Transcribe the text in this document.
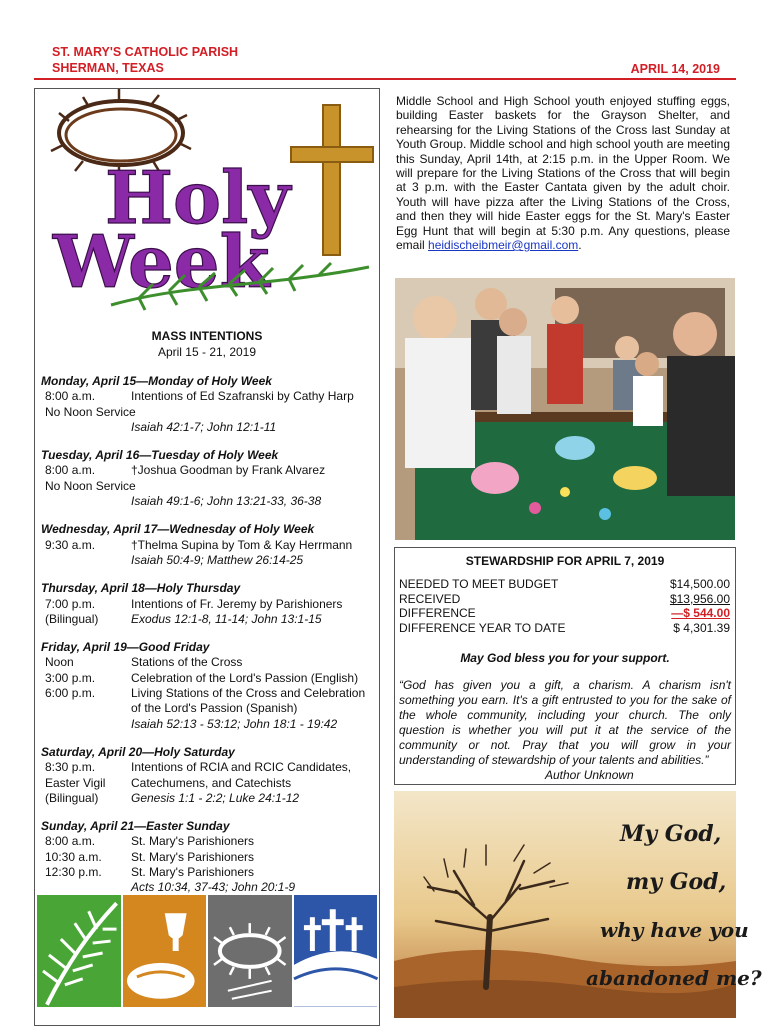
ST. MARY'S CATHOLIC PARISH
SHERMAN, TEXAS	APRIL 14, 2019
Holy
Week
MASS INTENTIONS
April 15 - 21, 2019
Monday, April 15—Monday of Holy Week
8:00 a.m.	Intentions of Ed Szafranski by Cathy Harp
No Noon Service
Isaiah 42:1-7; John 12:1-11
Tuesday, April 16—Tuesday of Holy Week
8:00 a.m.	†Joshua Goodman by Frank Alvarez
No Noon Service
Isaiah 49:1-6; John 13:21-33, 36-38
Wednesday, April 17—Wednesday of Holy Week
9:30 a.m.	†Thelma Supina by Tom & Kay Herrmann
Isaiah 50:4-9; Matthew 26:14-25
Thursday, April 18—Holy Thursday
7:00 p.m.	Intentions of Fr. Jeremy by Parishioners
(Bilingual)	Exodus 12:1-8, 11-14; John 13:1-15
Friday, April 19—Good Friday
Noon	Stations of the Cross
3:00 p.m.	Celebration of the Lord's Passion (English)
6:00 p.m.	Living Stations of the Cross and Celebration of the Lord's Passion (Spanish)
Isaiah 52:13 - 53:12; John 18:1 - 19:42
Saturday, April 20—Holy Saturday
8:30 p.m.	Intentions of RCIA and RCIC Candidates,
Easter Vigil	Catechumens, and Catechists
(Bilingual)	Genesis 1:1 - 2:2; Luke 24:1-12
Sunday, April 21—Easter Sunday
8:00 a.m.	St. Mary's Parishioners
10:30 a.m.	St. Mary's Parishioners
12:30 p.m.	St. Mary's Parishioners
Acts 10:34, 37-43; John 20:1-9
Middle School and High School youth enjoyed stuffing eggs, building Easter baskets for the Grayson Shelter, and rehearsing for the Living Stations of the Cross last Sunday at Youth Group. Middle school and high school youth are meeting this Sunday, April 14th, at 2:15 p.m. in the Upper Room. We will prepare for the Living Stations of the Cross that will begin at 3 p.m. with the Easter Cantata given by the adult choir. Youth will have pizza after the Living Stations of the Cross, and then they will hide Easter eggs for the St. Mary's Easter Egg Hunt that will begin at 5:30 p.m. Any questions, please email heidischeibmeir@gmail.com.
STEWARDSHIP FOR APRIL 7, 2019
NEEDED TO MEET BUDGET	$14,500.00
RECEIVED	$13,956.00
DIFFERENCE	—$ 544.00
DIFFERENCE YEAR TO DATE	$ 4,301.39
May God bless you for your support.
“God has given you a gift, a charism. A charism isn't something you earn. It's a gift entrusted to you for the sake of the whole community, including your church. The only question is whether you will put it at the service of the community or not. Pray that you will grow in your understanding of stewardship of your talents and abilities.”
Author Unknown
My God,
my God,
why have you
abandoned me?
